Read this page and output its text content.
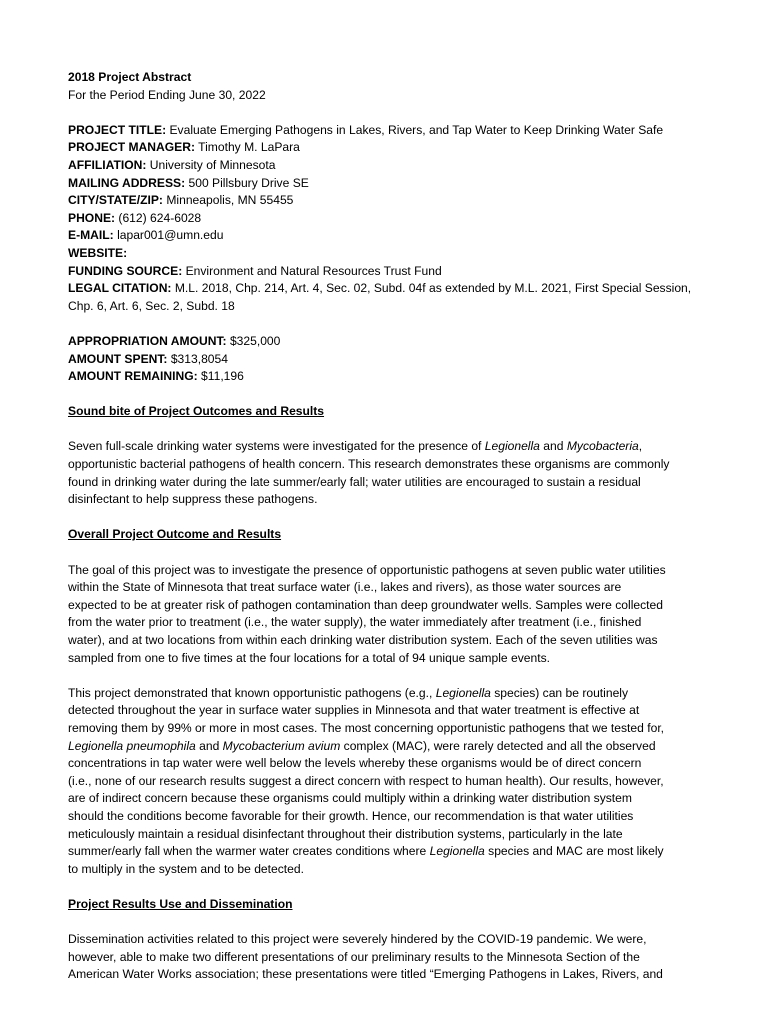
2018 Project Abstract
For the Period Ending June 30, 2022
PROJECT TITLE: Evaluate Emerging Pathogens in Lakes, Rivers, and Tap Water to Keep Drinking Water Safe
PROJECT MANAGER: Timothy M. LaPara
AFFILIATION: University of Minnesota
MAILING ADDRESS: 500 Pillsbury Drive SE
CITY/STATE/ZIP: Minneapolis, MN 55455
PHONE: (612) 624-6028
E-MAIL: lapar001@umn.edu
WEBSITE:
FUNDING SOURCE: Environment and Natural Resources Trust Fund
LEGAL CITATION: M.L. 2018, Chp. 214, Art. 4, Sec. 02, Subd. 04f as extended by M.L. 2021, First Special Session,
Chp. 6, Art. 6, Sec. 2, Subd. 18
APPROPRIATION AMOUNT: $325,000
AMOUNT SPENT: $313,8054
AMOUNT REMAINING: $11,196
Sound bite of Project Outcomes and Results
Seven full-scale drinking water systems were investigated for the presence of Legionella and Mycobacteria,
opportunistic bacterial pathogens of health concern. This research demonstrates these organisms are commonly
found in drinking water during the late summer/early fall; water utilities are encouraged to sustain a residual
disinfectant to help suppress these pathogens.
Overall Project Outcome and Results
The goal of this project was to investigate the presence of opportunistic pathogens at seven public water utilities
within the State of Minnesota that treat surface water (i.e., lakes and rivers), as those water sources are
expected to be at greater risk of pathogen contamination than deep groundwater wells. Samples were collected
from the water prior to treatment (i.e., the water supply), the water immediately after treatment (i.e., finished
water), and at two locations from within each drinking water distribution system. Each of the seven utilities was
sampled from one to five times at the four locations for a total of 94 unique sample events.
This project demonstrated that known opportunistic pathogens (e.g., Legionella species) can be routinely
detected throughout the year in surface water supplies in Minnesota and that water treatment is effective at
removing them by 99% or more in most cases. The most concerning opportunistic pathogens that we tested for,
Legionella pneumophila and Mycobacterium avium complex (MAC), were rarely detected and all the observed
concentrations in tap water were well below the levels whereby these organisms would be of direct concern
(i.e., none of our research results suggest a direct concern with respect to human health). Our results, however,
are of indirect concern because these organisms could multiply within a drinking water distribution system
should the conditions become favorable for their growth. Hence, our recommendation is that water utilities
meticulously maintain a residual disinfectant throughout their distribution systems, particularly in the late
summer/early fall when the warmer water creates conditions where Legionella species and MAC are most likely
to multiply in the system and to be detected.
Project Results Use and Dissemination
Dissemination activities related to this project were severely hindered by the COVID-19 pandemic. We were,
however, able to make two different presentations of our preliminary results to the Minnesota Section of the
American Water Works association; these presentations were titled “Emerging Pathogens in Lakes, Rivers, and
